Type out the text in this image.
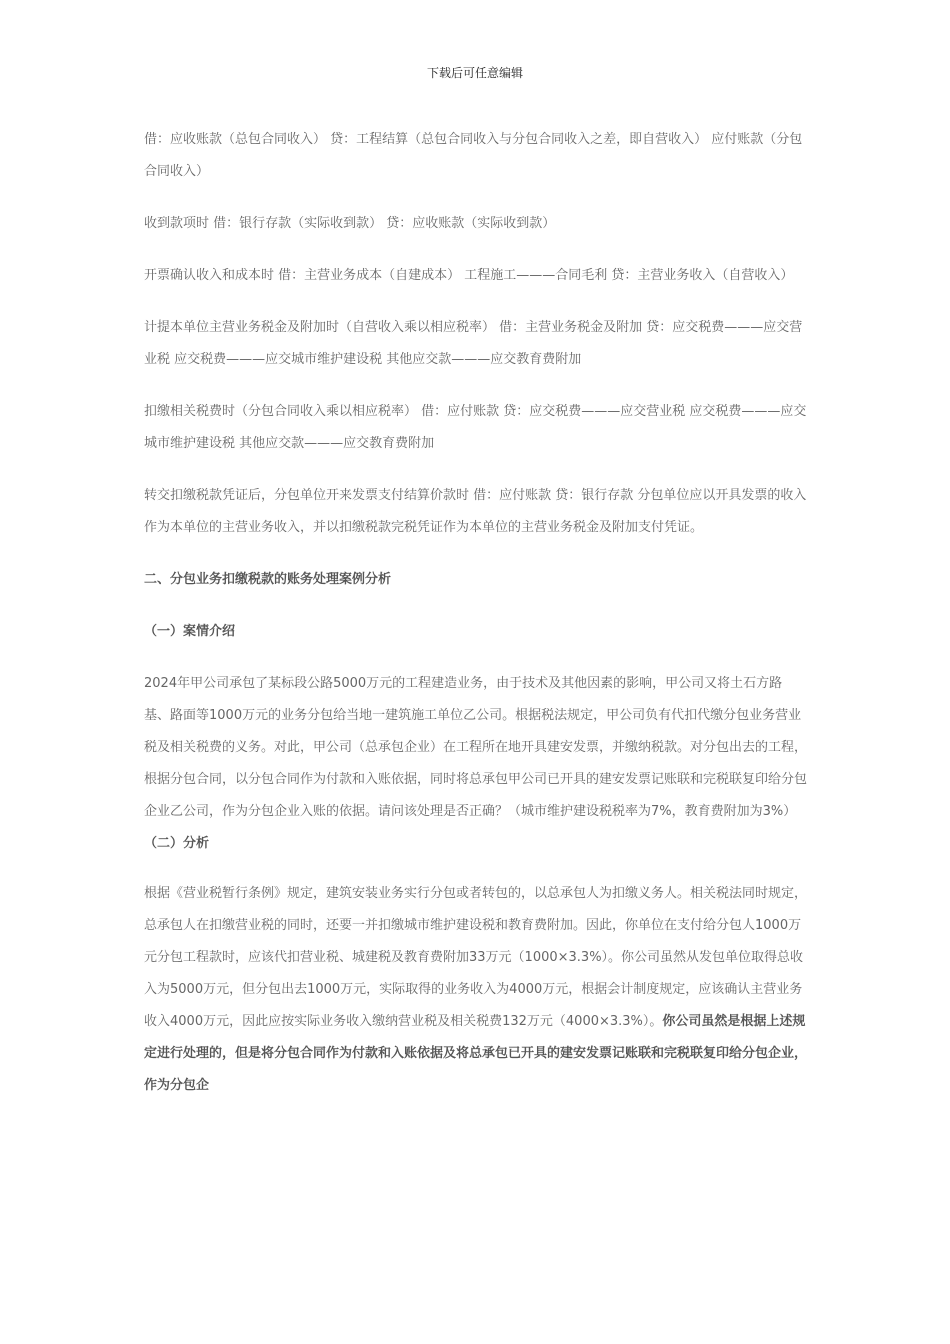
下载后可任意编辑

借：应收账款（总包合同收入） 贷：工程结算（总包合同收入与分包合同收入之差，即自营收入） 应付账款（分包合同收入）

收到款项时 借：银行存款（实际收到款） 贷：应收账款（实际收到款）

开票确认收入和成本时 借：主营业务成本（自建成本） 工程施工———合同毛利 贷：主营业务收入（自营收入）

计提本单位主营业务税金及附加时（自营收入乘以相应税率） 借：主营业务税金及附加 贷：应交税费———应交营业税 应交税费———应交城市维护建设税 其他应交款———应交教育费附加

扣缴相关税费时（分包合同收入乘以相应税率） 借：应付账款 贷：应交税费———应交营业税 应交税费———应交城市维护建设税 其他应交款———应交教育费附加

转交扣缴税款凭证后，分包单位开来发票支付结算价款时 借：应付账款 贷：银行存款 分包单位应以开具发票的收入作为本单位的主营业务收入，并以扣缴税款完税凭证作为本单位的主营业务税金及附加支付凭证。

二、分包业务扣缴税款的账务处理案例分析
（一）案情介绍

2024年甲公司承包了某标段公路5000万元的工程建造业务，由于技术及其他因素的影响，甲公司又将土石方路基、路面等1000万元的业务分包给当地一建筑施工单位乙公司。根据税法规定，甲公司负有代扣代缴分包业务营业税及相关税费的义务。对此，甲公司（总承包企业）在工程所在地开具建安发票，并缴纳税款。对分包出去的工程，根据分包合同，以分包合同作为付款和入账依据，同时将总承包甲公司已开具的建安发票记账联和完税联复印给分包企业乙公司，作为分包企业入账的依据。请问该处理是否正确？（城市维护建设税税率为7%，教育费附加为3%）

（二）分析

根据《营业税暂行条例》规定，建筑安装业务实行分包或者转包的，以总承包人为扣缴义务人。相关税法同时规定，总承包人在扣缴营业税的同时，还要一并扣缴城市维护建设税和教育费附加。因此，你单位在支付给分包人1000万元分包工程款时，应该代扣营业税、城建税及教育费附加33万元（1000×3.3%）。你公司虽然从发包单位取得总收入为5000万元，但分包出去1000万元，实际取得的业务收入为4000万元，根据会计制度规定，应该确认主营业务收入4000万元，因此应按实际业务收入缴纳营业税及相关税费132万元（4000×3.3%）。你公司虽然是根据上述规定进行处理的，但是将分包合同作为付款和入账依据及将总承包已开具的建安发票记账联和完税联复印给分包企业，作为分包企
